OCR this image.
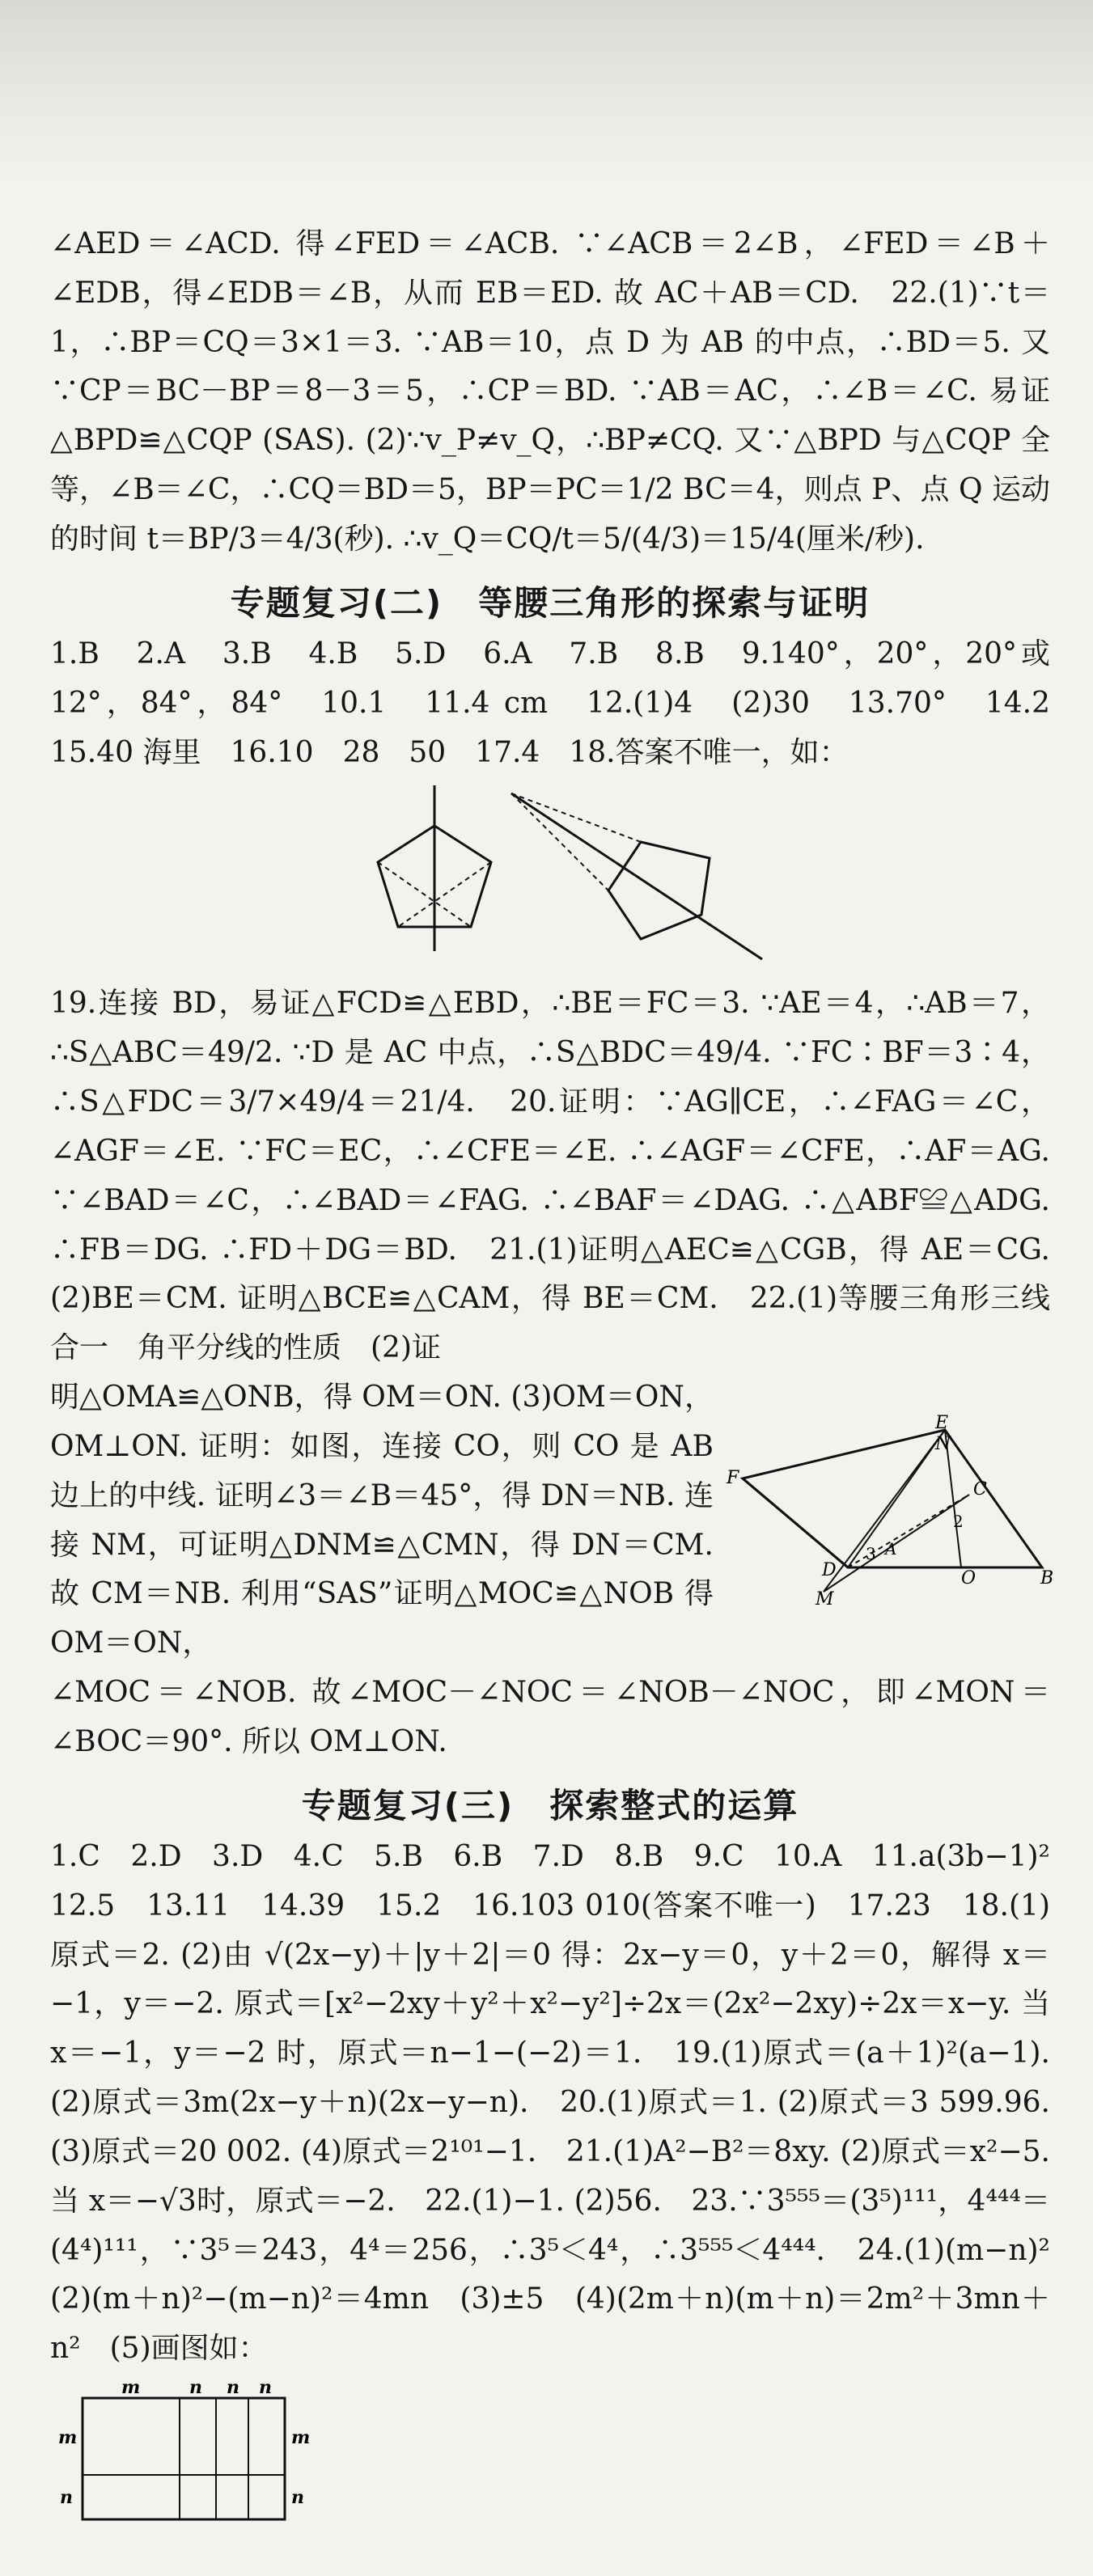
∠AED＝∠ACD. 得∠FED＝∠ACB. ∵∠ACB＝2∠B，∠FED＝∠B＋∠EDB，得∠EDB＝∠B，从而 EB＝ED. 故 AC＋AB＝CD.　22.(1)∵t＝1，∴BP＝CQ＝3×1＝3. ∵AB＝10，点 D 为 AB 的中点，∴BD＝5. 又∵CP＝BC－BP＝8－3＝5，∴CP＝BD. ∵AB＝AC，∴∠B＝∠C. 易证△BPD≌△CQP (SAS). (2)∵v_P≠v_Q，∴BP≠CQ. 又∵△BPD 与△CQP 全等，∠B＝∠C，∴CQ＝BD＝5，BP＝PC＝1/2 BC＝4，则点 P、点 Q 运动的时间 t＝BP/3＝4/3(秒). ∴v_Q＝CQ/t＝5/(4/3)＝15/4(厘米/秒).

专题复习(二)　等腰三角形的探索与证明

1.B　2.A　3.B　4.B　5.D　6.A　7.B　8.B　9.140°，20°，20°或 12°，84°，84°　10.1　11.4 cm　12.(1)4　(2)30　13.70°　14.2　15.40 海里　16.10　28　50　17.4　18.答案不唯一，如：

19.连接 BD，易证△FCD≌△EBD，∴BE＝FC＝3. ∵AE＝4，∴AB＝7，∴S△ABC＝49/2. ∵D 是 AC 中点，∴S△BDC＝49/4. ∵FC∶BF＝3∶4，∴S△FDC＝3/7×49/4＝21/4.　20.证明：∵AG∥CE，∴∠FAG＝∠C，∠AGF＝∠E. ∵FC＝EC，∴∠CFE＝∠E. ∴∠AGF＝∠CFE，∴AF＝AG. ∵∠BAD＝∠C，∴∠BAD＝∠FAG. ∴∠BAF＝∠DAG. ∴△ABF≌△ADG. ∴FB＝DG. ∴FD＋DG＝BD.　21.(1)证明△AEC≌△CGB，得 AE＝CG. (2)BE＝CM. 证明△BCE≌△CAM，得 BE＝CM.　22.(1)等腰三角形三线合一　角平分线的性质　(2)证

明△OMA≌△ONB，得 OM＝ON. (3)OM＝ON，OM⊥ON. 证明：如图，连接 CO，则 CO 是 AB 边上的中线. 证明∠3＝∠B＝45°，得 DN＝NB. 连接 NM，可证明△DNM≌△CMN，得 DN＝CM. 故 CM＝NB. 利用“SAS”证明△MOC≌△NOB 得 OM＝ON，

E
N
C
F
D	O	B
M
3 A
2

∠MOC＝∠NOB. 故∠MOC－∠NOC＝∠NOB－∠NOC，即∠MON＝∠BOC＝90°. 所以 OM⊥ON.

专题复习(三)　探索整式的运算

1.C　2.D　3.D　4.C　5.B　6.B　7.D　8.B　9.C　10.A　11.a(3b−1)²　12.5　13.11　14.39　15.2　16.103 010(答案不唯一)　17.23　18.(1)原式＝2. (2)由 √(2x−y)＋|y＋2|＝0 得：2x−y＝0，y＋2＝0，解得 x＝−1，y＝−2. 原式＝[x²−2xy＋y²＋x²−y²]÷2x＝(2x²−2xy)÷2x＝x−y. 当 x＝−1，y＝−2 时，原式＝n−1−(−2)＝1.　19.(1)原式＝(a＋1)²(a−1). (2)原式＝3m(2x−y＋n)(2x−y−n).　20.(1)原式＝1. (2)原式＝3 599.96. (3)原式＝20 002. (4)原式＝2¹⁰¹−1.　21.(1)A²−B²＝8xy. (2)原式＝x²−5. 当 x＝−√3时，原式＝−2.　22.(1)−1. (2)56.　23.∵3⁵⁵⁵＝(3⁵)¹¹¹，4⁴⁴⁴＝(4⁴)¹¹¹，∵3⁵＝243，4⁴＝256，∴3⁵＜4⁴，∴3⁵⁵⁵＜4⁴⁴⁴.　24.(1)(m−n)²　(2)(m＋n)²−(m−n)²＝4mn　(3)±5　(4)(2m＋n)(m＋n)＝2m²＋3mn＋n²　(5)画图如：

m	n n n
m
n
m
n
